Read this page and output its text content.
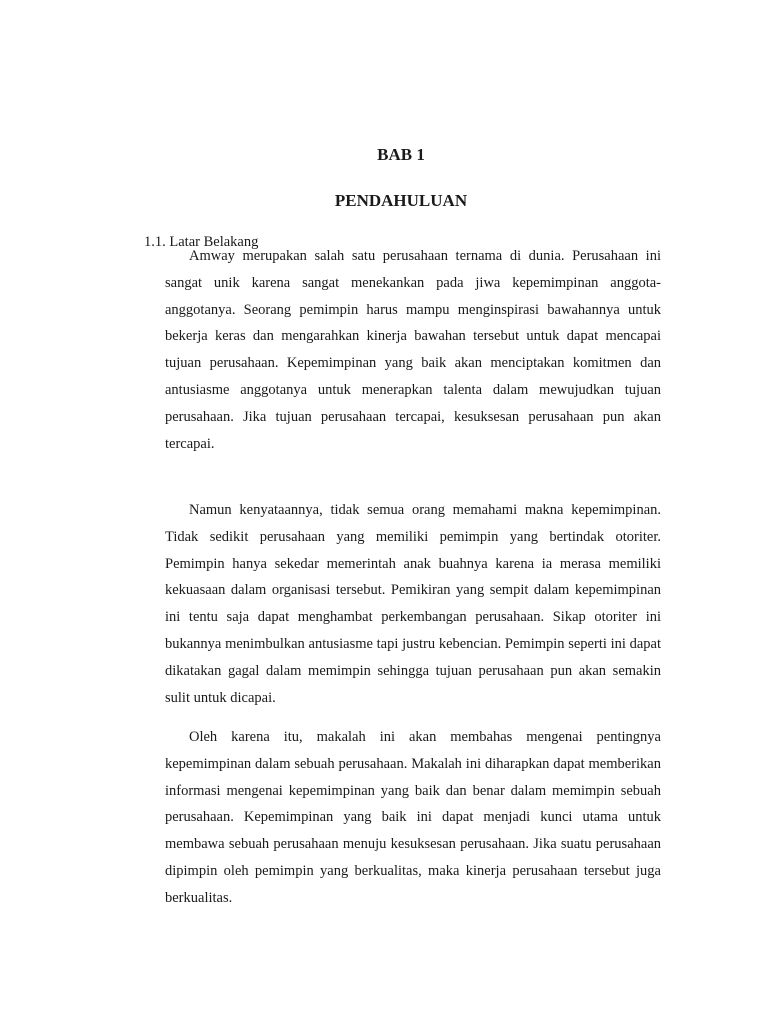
BAB 1
PENDAHULUAN
1.1. Latar Belakang

Amway merupakan salah satu perusahaan ternama di dunia. Perusahaan ini sangat unik karena sangat menekankan pada jiwa kepemimpinan anggota-anggotanya. Seorang pemimpin harus mampu menginspirasi bawahannya untuk bekerja keras dan mengarahkan kinerja bawahan tersebut untuk dapat mencapai tujuan perusahaan. Kepemimpinan yang baik akan menciptakan komitmen dan antusiasme anggotanya untuk menerapkan talenta dalam mewujudkan tujuan perusahaan. Jika tujuan perusahaan tercapai, kesuksesan perusahaan pun akan tercapai.

Namun kenyataannya, tidak semua orang memahami makna kepemimpinan. Tidak sedikit perusahaan yang memiliki pemimpin yang bertindak otoriter. Pemimpin hanya sekedar memerintah anak buahnya karena ia merasa memiliki kekuasaan dalam organisasi tersebut. Pemikiran yang sempit dalam kepemimpinan ini tentu saja dapat menghambat perkembangan perusahaan. Sikap otoriter ini bukannya menimbulkan antusiasme tapi justru kebencian. Pemimpin seperti ini dapat dikatakan gagal dalam memimpin sehingga tujuan perusahaan pun akan semakin sulit untuk dicapai.

Oleh karena itu, makalah ini akan membahas mengenai pentingnya kepemimpinan dalam sebuah perusahaan. Makalah ini diharapkan dapat memberikan informasi mengenai kepemimpinan yang baik dan benar dalam memimpin sebuah perusahaan. Kepemimpinan yang baik ini dapat menjadi kunci utama untuk membawa sebuah perusahaan menuju kesuksesan perusahaan. Jika suatu perusahaan dipimpin oleh pemimpin yang berkualitas, maka kinerja perusahaan tersebut juga berkualitas.
